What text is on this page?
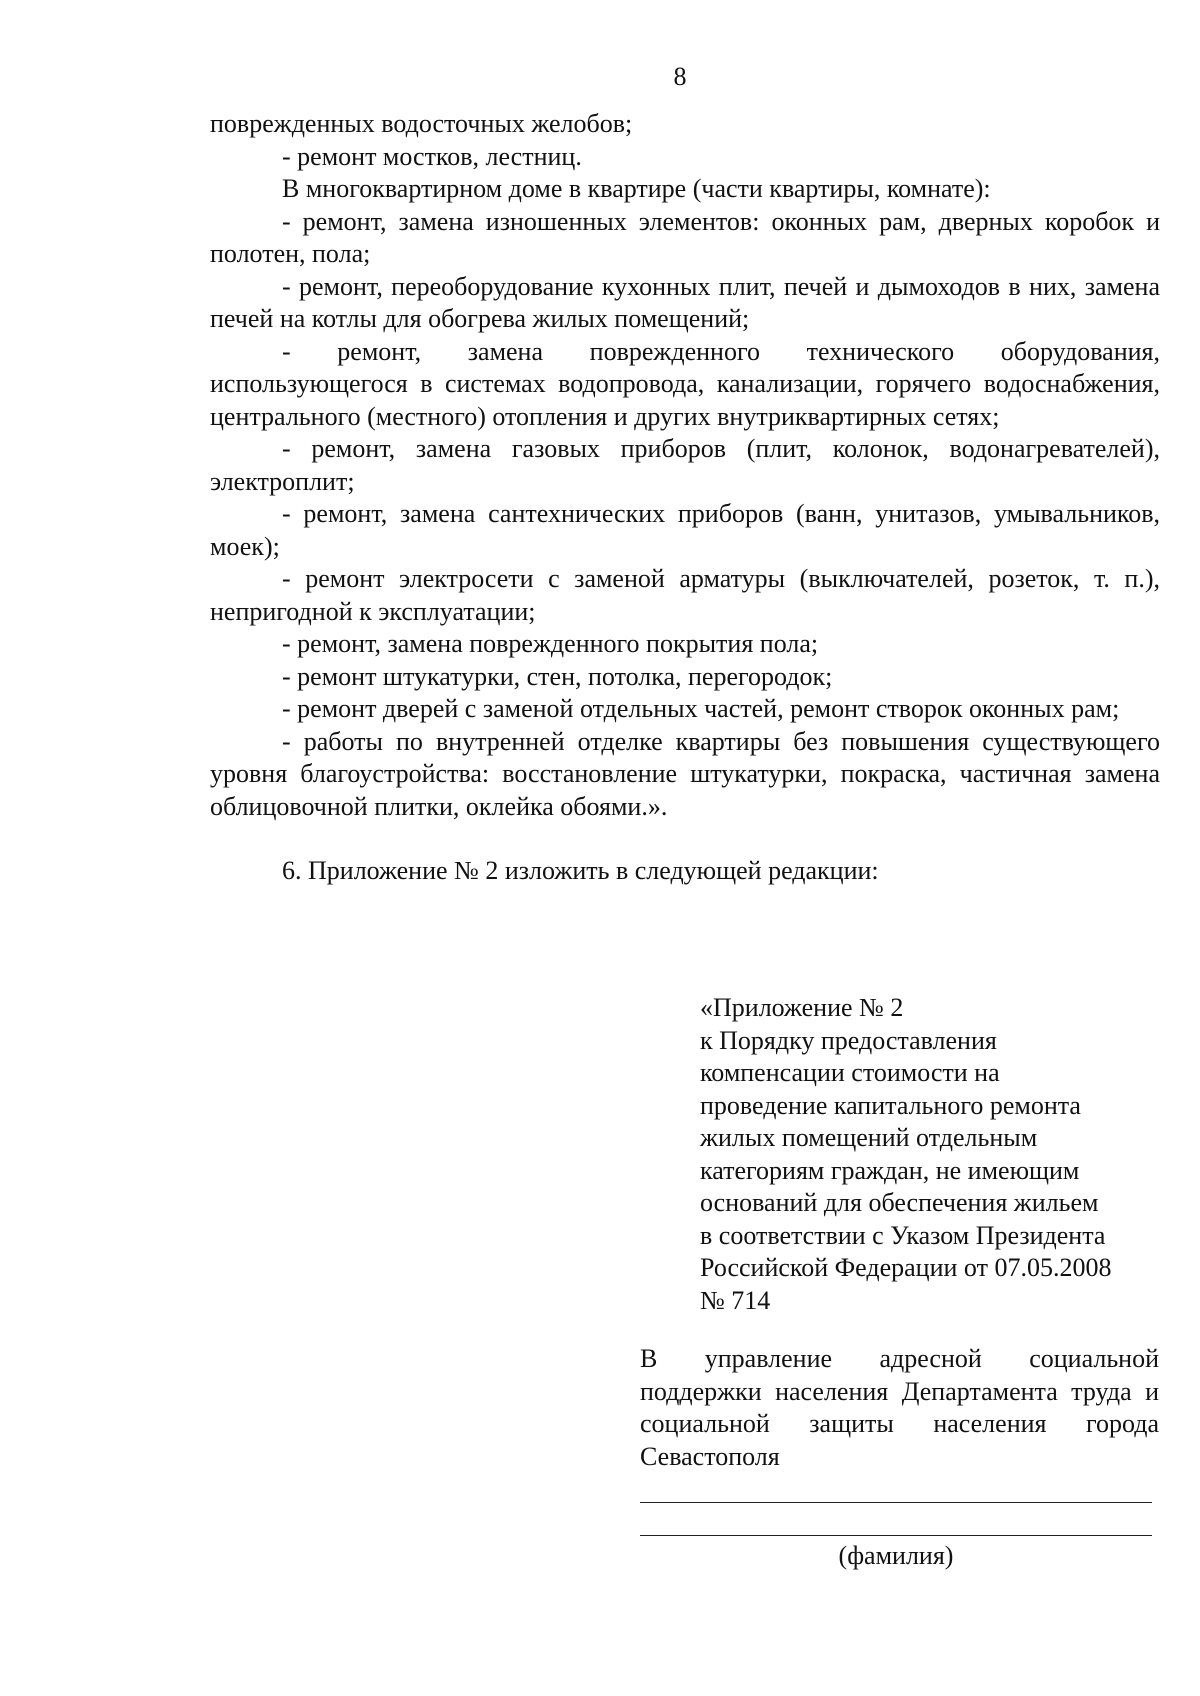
8

поврежденных водосточных желобов;

- ремонт мостков, лестниц.

В многоквартирном доме в квартире (части квартиры, комнате):

- ремонт, замена изношенных элементов: оконных рам, дверных коробок и полотен, пола;

- ремонт, переоборудование кухонных плит, печей и дымоходов в них, замена печей на котлы для обогрева жилых помещений;

- ремонт, замена поврежденного технического оборудования, использующегося в системах водопровода, канализации, горячего водоснабжения, центрального (местного) отопления и других внутриквартирных сетях;

- ремонт, замена газовых приборов (плит, колонок, водонагревателей), электроплит;

- ремонт, замена сантехнических приборов (ванн, унитазов, умывальников, моек);

- ремонт электросети с заменой арматуры (выключателей, розеток, т. п.), непригодной к эксплуатации;

- ремонт, замена поврежденного покрытия пола;

- ремонт штукатурки, стен, потолка, перегородок;

- ремонт дверей с заменой отдельных частей, ремонт створок оконных рам;

- работы по внутренней отделке квартиры без повышения существующего уровня благоустройства: восстановление штукатурки, покраска, частичная замена облицовочной плитки, оклейка обоями.».

6. Приложение № 2 изложить в следующей редакции:

«Приложение № 2
к Порядку предоставления
компенсации стоимости на
проведение капитального ремонта
жилых помещений отдельным
категориям граждан, не имеющим
оснований для обеспечения жильем
в соответствии с Указом Президента
Российской Федерации от 07.05.2008
№ 714
В управление адресной социальной поддержки населения Департамента труда и социальной защиты населения города Севастополя
(фамилия)
